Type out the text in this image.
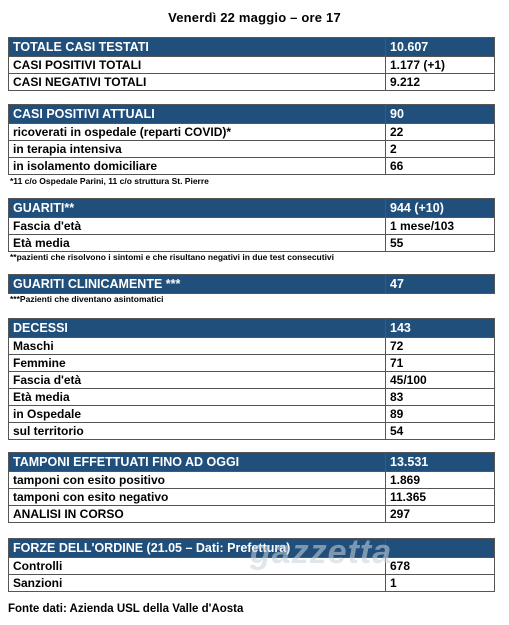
Venerdì 22 maggio – ore 17
TOTALE CASI TESTATI	10.607
CASI POSITIVI TOTALI	1.177 (+1)
CASI NEGATIVI TOTALI	9.212
CASI POSITIVI ATTUALI	90
ricoverati in ospedale (reparti COVID)*	22
in terapia intensiva	2
in isolamento domiciliare	66
*11 c/o Ospedale Parini, 11 c/o struttura St. Pierre
GUARITI**	944 (+10)
Fascia d'età	1 mese/103
Età media	55
**pazienti che risolvono i sintomi e che risultano negativi in due test consecutivi
GUARITI CLINICAMENTE ***	47
***Pazienti che diventano asintomatici
DECESSI	143
Maschi	72
Femmine	71
Fascia d'età	45/100
Età media	83
in Ospedale	89
sul territorio	54
TAMPONI EFFETTUATI FINO AD OGGI	13.531
tamponi con esito positivo	1.869
tamponi con esito negativo	11.365
ANALISI IN CORSO	297
FORZE DELL'ORDINE (21.05 – Dati: Prefettura)	
Controlli	678
Sanzioni	1
gazzetta
Fonte dati: Azienda USL della Valle d'Aosta
